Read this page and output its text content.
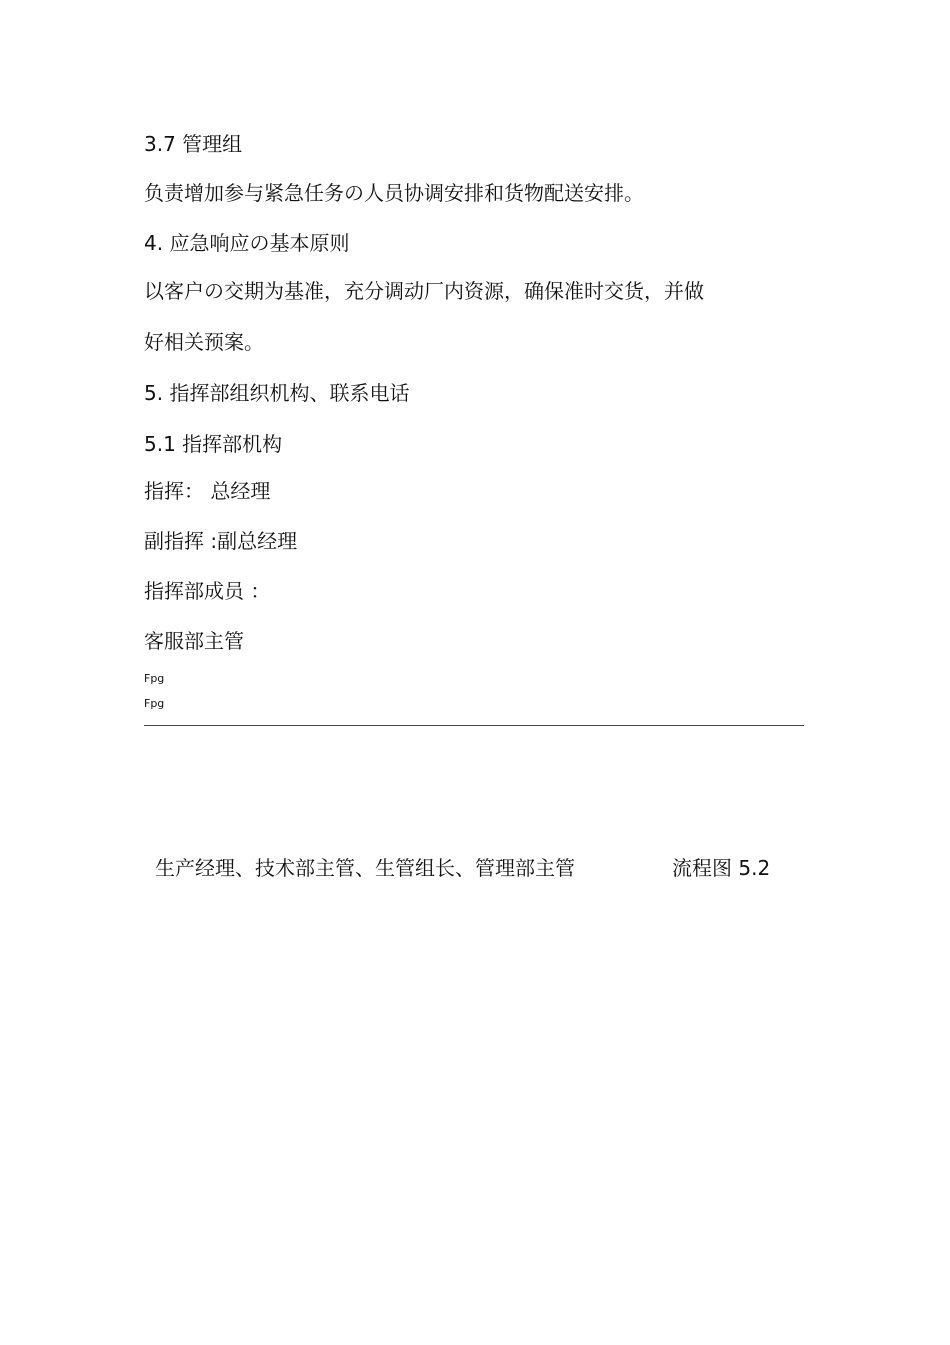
3.7 管理组
负责增加参与紧急任务の人员协调安排和货物配送安排。
4. 应急响应の基本原则
以客户の交期为基准，充分调动厂内资源，确保准时交货，并做
好相关预案。
5. 指挥部组织机构、联系电话
5.1 指挥部机构
指挥： 总经理
副指挥 :副总经理
指挥部成员 ：
客服部主管
Fpg
Fpg
生产经理、技术部主管、生管组长、管理部主管	流程图 5.2
